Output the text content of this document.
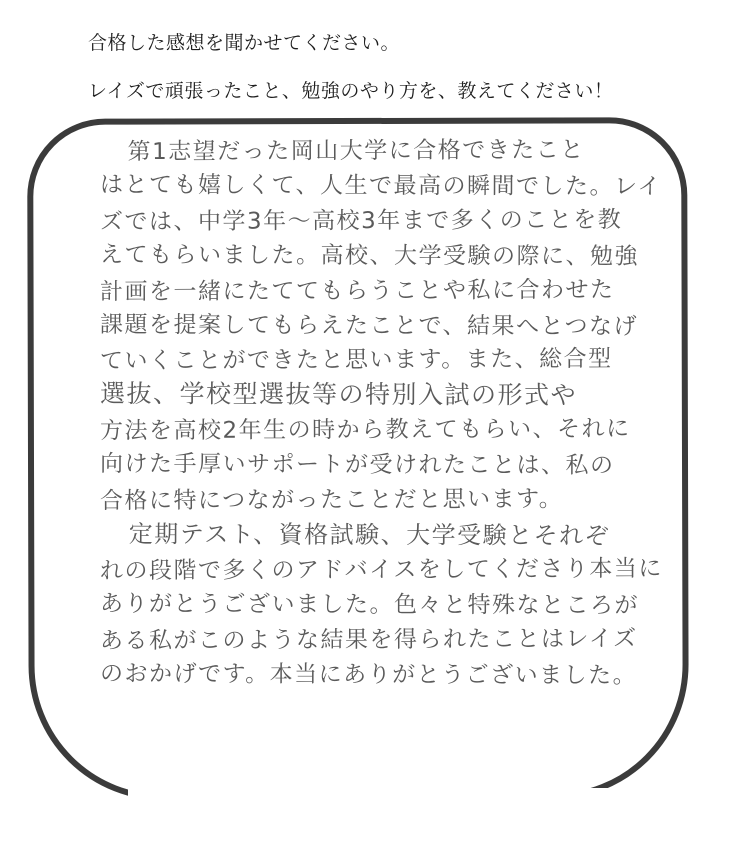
合格した感想を聞かせてください。
レイズで頑張ったこと、勉強のやり方を、教えてください！
第1志望だった岡山大学に合格できたこと
はとても嬉しくて、人生で最高の瞬間でした。レイ
ズでは、中学3年〜高校3年まで多くのことを教
えてもらいました。高校、大学受験の際に、勉強
計画を一緒にたててもらうことや私に合わせた
課題を提案してもらえたことで、結果へとつなげ
ていくことができたと思います。また、総合型
選抜、学校型選抜等の特別入試の形式や
方法を高校2年生の時から教えてもらい、それに
向けた手厚いサポートが受けれたことは、私の
合格に特につながったことだと思います。
定期テスト、資格試験、大学受験とそれぞ
れの段階で多くのアドバイスをしてくださり本当に
ありがとうございました。色々と特殊なところが
ある私がこのような結果を得られたことはレイズ
のおかげです。本当にありがとうございました。
